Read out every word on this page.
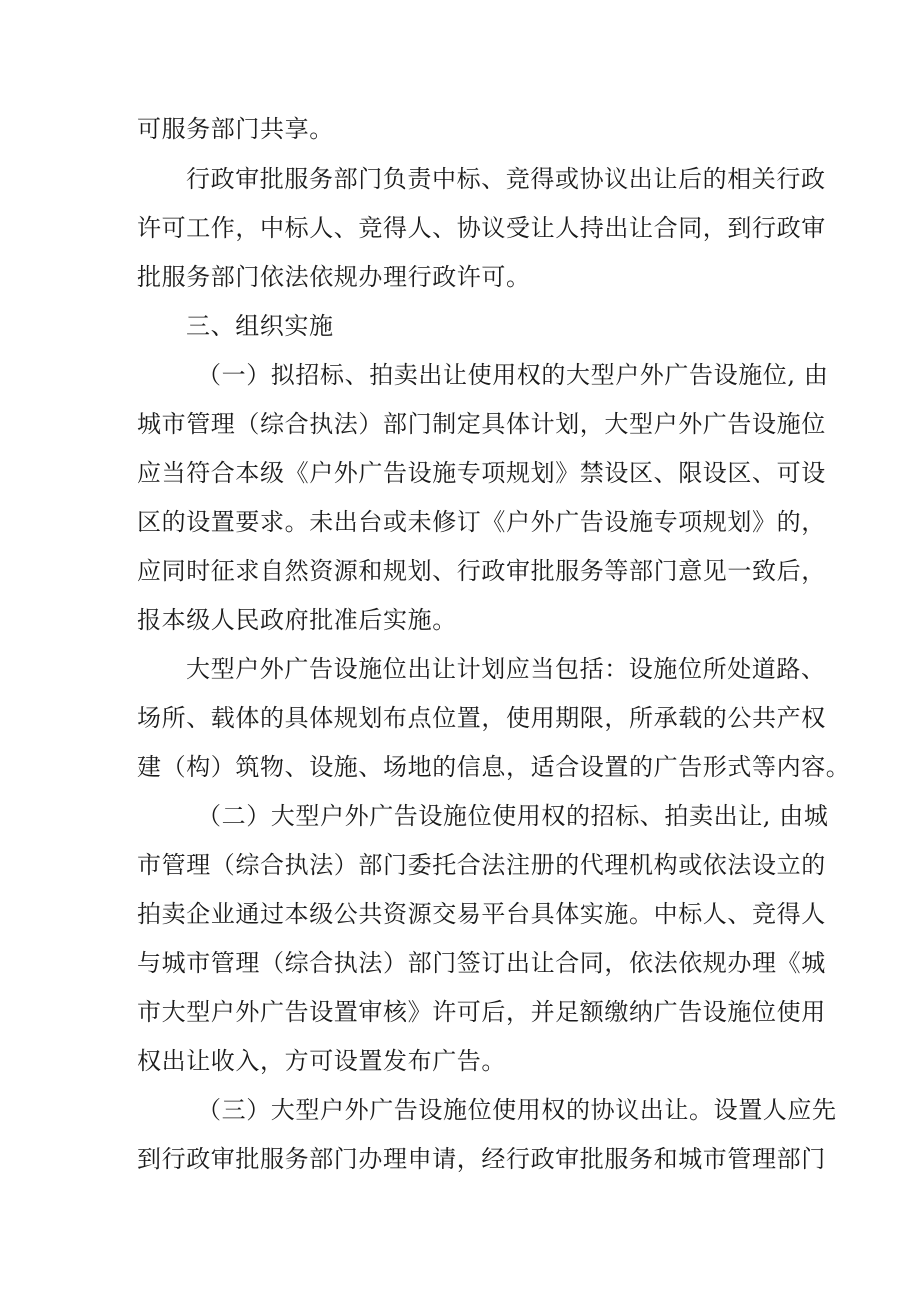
可服务部门共享。
行政审批服务部门负责中标、竞得或协议出让后的相关行政
许可工作，中标人、竞得人、协议受让人持出让合同，到行政审
批服务部门依法依规办理行政许可。
三、组织实施
（一）拟招标、拍卖出让使用权的大型户外广告设施位, 由
城市管理（综合执法）部门制定具体计划，大型户外广告设施位
应当符合本级《户外广告设施专项规划》禁设区、限设区、可设
区的设置要求。未出台或未修订《户外广告设施专项规划》的，
应同时征求自然资源和规划、行政审批服务等部门意见一致后，
报本级人民政府批准后实施。
大型户外广告设施位出让计划应当包括：设施位所处道路、
场所、载体的具体规划布点位置，使用期限，所承载的公共产权
建（构）筑物、设施、场地的信息，适合设置的广告形式等内容。
（二）大型户外广告设施位使用权的招标、拍卖出让, 由城
市管理（综合执法）部门委托合法注册的代理机构或依法设立的
拍卖企业通过本级公共资源交易平台具体实施。中标人、竞得人
与城市管理（综合执法）部门签订出让合同，依法依规办理《城
市大型户外广告设置审核》许可后，并足额缴纳广告设施位使用
权出让收入，方可设置发布广告。
（三）大型户外广告设施位使用权的协议出让。设置人应先
到行政审批服务部门办理申请，经行政审批服务和城市管理部门
